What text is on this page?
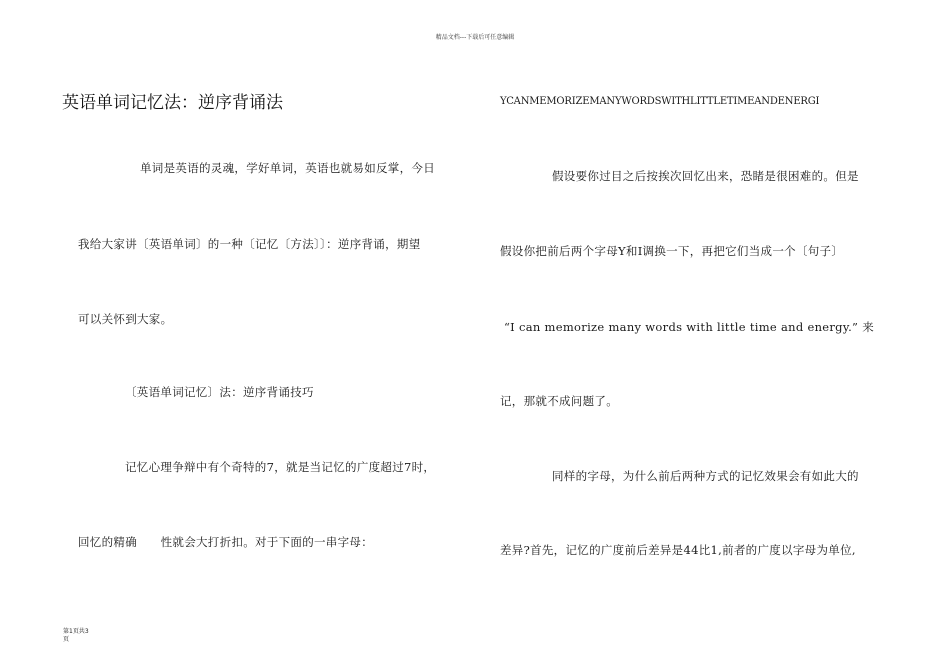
精品文档---下载后可任意编辑
英语单词记忆法：逆序背诵法
单词是英语的灵魂，学好单词，英语也就易如反掌，今日
我给大家讲〔英语单词〕的一种〔记忆〔方法〕〕：逆序背诵，期望
可以关怀到大家。
〔英语单词记忆〕法：逆序背诵技巧
记忆心理争辩中有个奇特的7，就是当记忆的广度超过7时，
回忆的精确　　性就会大打折扣。对于下面的一串字母：
YCANMEMORIZEMANYWORDSWITHLITTLETIMEANDENERGI
假设要你过目之后按挨次回忆出来，恐睹是很困难的。但是
假设你把前后两个字母Y和I调换一下，再把它们当成一个〔句子〕
“I can memorize many words with little time and energy.” 来
记，那就不成问题了。
同样的字母，为什么前后两种方式的记忆效果会有如此大的
差异?首先，记忆的广度前后差异是44比1,前者的广度以字母为单位,
第1页共3
页
